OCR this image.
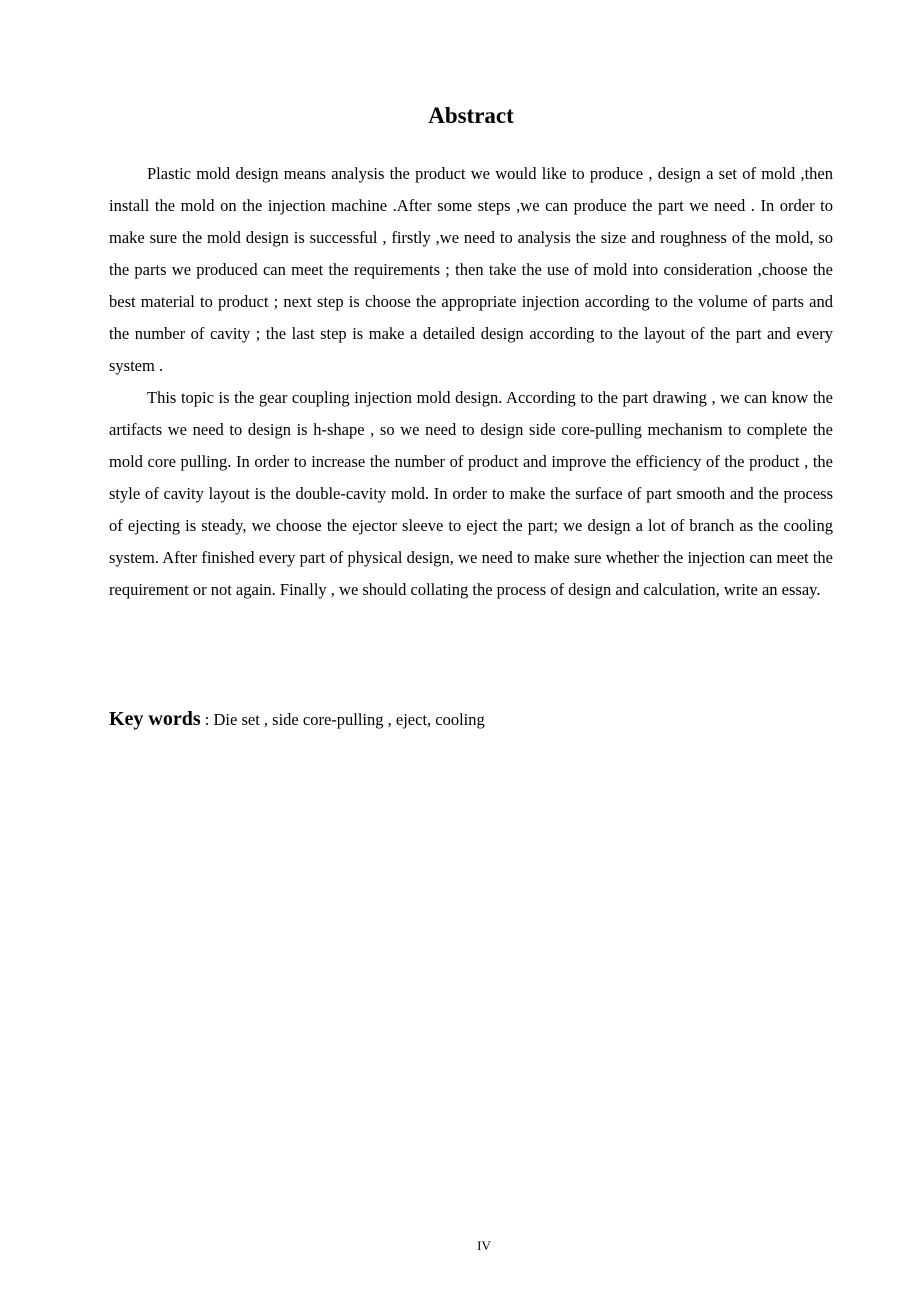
Abstract

Plastic mold design means analysis the product we would like to produce , design a set of mold ,then install the mold on the injection machine .After some steps ,we can produce the part we need . In order to make sure the mold design is successful , firstly ,we need to analysis the size and roughness of the mold, so the parts we produced can meet the requirements ; then take the use of mold into consideration ,choose the best material to product ; next step is choose the appropriate injection according to the volume of parts and the number of cavity ; the last step is make a detailed design according to the layout of the part and every system .

This topic is the gear coupling injection mold design. According to the part drawing , we can know the artifacts we need to design is h-shape , so we need to design side core-pulling mechanism to complete the mold core pulling. In order to increase the number of product and improve the efficiency of the product , the style of cavity layout is the double-cavity mold. In order to make the surface of part smooth and the process of ejecting is steady, we choose the ejector sleeve to eject the part; we design a lot of branch as the cooling system. After finished every part of physical design, we need to make sure whether the injection can meet the requirement or not again. Finally , we should collating the process of design and calculation, write an essay.

Key words : Die set , side core-pulling , eject, cooling

IV
